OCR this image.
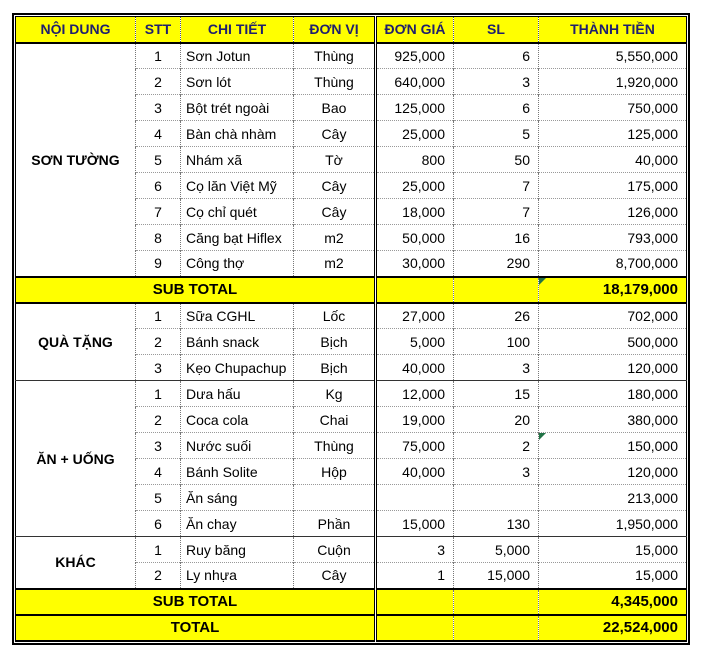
NỘI DUNG	STT	CHI TIẾT	ĐƠN VỊ	ĐƠN GIÁ	SL	THÀNH TIỀN
SƠN TƯỜNG	1	Sơn Jotun	Thùng	925,000	6	5,550,000
	2	Sơn lót	Thùng	640,000	3	1,920,000
	3	Bột trét ngoài	Bao	125,000	6	750,000
	4	Bàn chà nhàm	Cây	25,000	5	125,000
	5	Nhám xã	Tờ	800	50	40,000
	6	Cọ lăn Việt Mỹ	Cây	25,000	7	175,000
	7	Cọ chỉ quét	Cây	18,000	7	126,000
	8	Căng bạt Hiflex	m2	50,000	16	793,000
	9	Công thợ	m2	30,000	290	8,700,000
SUB TOTAL						18,179,000

QUÀ TẶNG	1	Sữa CGHL	Lốc	27,000	26	702,000
	2	Bánh snack	Bịch	5,000	100	500,000
	3	Kẹo Chupachup	Bịch	40,000	3	120,000
ĂN + UỐNG	1	Dưa hấu	Kg	12,000	15	180,000
	2	Coca cola	Chai	19,000	20	380,000
	3	Nước suối	Thùng	75,000	2	150,000

	4	Bánh Solite	Hộp	40,000	3	120,000
	5	Ăn sáng				213,000
	6	Ăn chay	Phần	15,000	130	1,950,000
KHÁC	1	Ruy băng	Cuộn	3	5,000	15,000
	2	Ly nhựa	Cây	1	15,000	15,000
SUB TOTAL						4,345,000
TOTAL						22,524,000
